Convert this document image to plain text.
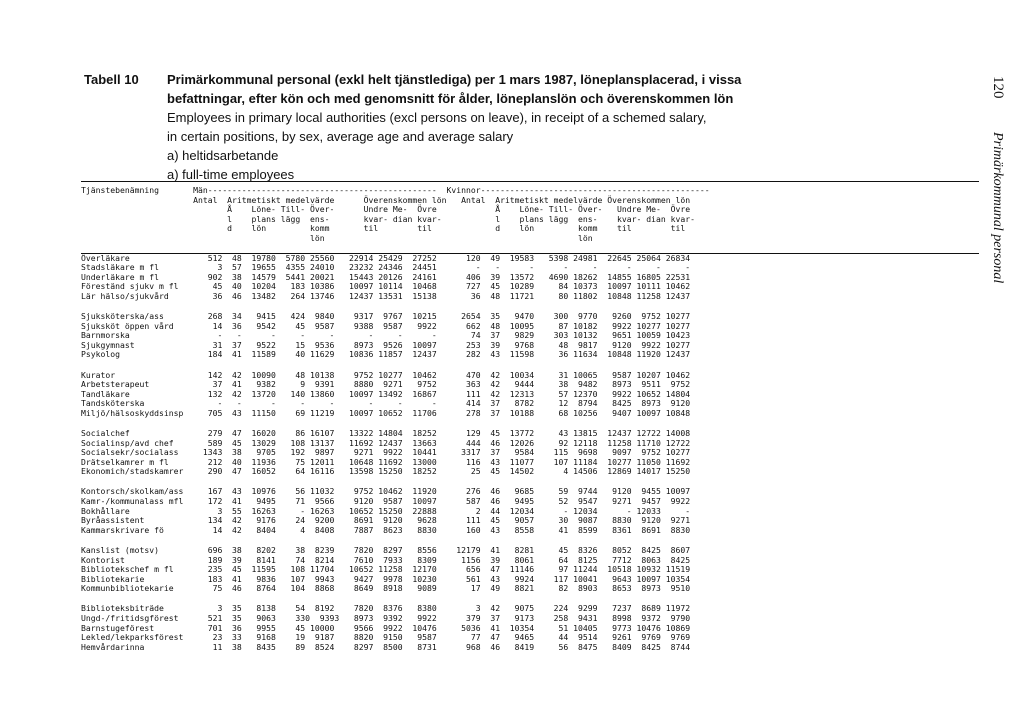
Tabell 10 Primärkommunal personal (exkl helt tjänstlediga) per 1 mars 1987, löneplansplacerad, i vissa
befattningar, efter kön och med genomsnitt för ålder, löneplanslön och överenskommen lön
Employees in primary local authorities (excl persons on leave), in receipt of a schemed salary,
in certain positions, by sex, average age and average salary
a) heltidsarbetande
a) full-time employees
120 Primärkommunal personal
Tjänstebenämning       Män-----------------------------------------------  Kvinnor-----------------------------------------------
Antal  Aritmetiskt medelvärde      Överenskommen lön   Antal  Aritmetiskt medelvärde Överenskommen lön
Å    Löne- Till- Över-      Undre Me-  Övre            Å    Löne- Till- Över-   Undre Me-  Övre
l    plans lägg  ens-       kvar- dian kvar-           l    plans lägg  ens-    kvar- dian kvar-
d    lön         komm       til        til             d    lön         komm    til        til
lön                                                    lön
Överläkare                512  48  19780  5780 25560   22914 25429  27252      120  49  19583   5398 24981  22645 25064 26834
Stadsläkare m fl            3  57  19655  4355 24010   23232 24346  24451        -   -      -      -     -      -     -     -
Underläkare m fl          902  38  14579  5441 20021   15443 20126  24161      406  39  13572   4690 18262  14855 16805 22531
Föreständ sjukv m fl       45  40  10204   183 10386   10097 10114  10468      727  45  10289     84 10373  10097 10111 10462
Lär hälso/sjukvård         36  46  13482   264 13746   12437 13531  15138       36  48  11721     80 11802  10848 11258 12437
Sjuksköterska/ass         268  34   9415   424  9840    9317  9767  10215     2654  35   9470    300  9770   9260  9752 10277
Sjuksköt öppen vård        14  36   9542    45  9587    9388  9587   9922      662  48  10095     87 10182   9922 10277 10277
Barnmorska                  -   -      -     -     -       -     -      -       74  37   9829    303 10132   9651 10059 10423
Sjukgymnast                31  37   9522    15  9536    8973  9526  10097      253  39   9768     48  9817   9120  9922 10277
Psykolog                  184  41  11589    40 11629   10836 11857  12437      282  43  11598     36 11634  10848 11920 12437
Kurator                   142  42  10090    48 10138    9752 10277  10462      470  42  10034     31 10065   9587 10207 10462
Arbetsterapeut             37  41   9382     9  9391    8880  9271   9752      363  42   9444     38  9482   8973  9511  9752
Tandläkare                132  42  13720   140 13860   10097 13492  16867      111  42  12313     57 12370   9922 10652 14804
Tandsköterska               -   -      -     -     -       -     -      -      414  37   8782     12  8794   8425  8973  9120
Miljö/hälsoskyddsinsp     705  43  11150    69 11219   10097 10652  11706      278  37  10188     68 10256   9407 10097 10848
Socialchef                279  47  16020    86 16107   13322 14804  18252      129  45  13772     43 13815  12437 12722 14008
Socialinsp/avd chef       589  45  13029   108 13137   11692 12437  13663      444  46  12026     92 12118  11258 11710 12722
Socialsekr/socialass     1343  38   9705   192  9897    9271  9922  10441     3317  37   9584    115  9698   9097  9752 10277
Drätselkamrer m fl        212  40  11936    75 12011   10648 11692  13000      116  43  11077    107 11184  10277 11050 11692
Ekonomich/stadskamrer     290  47  16052    64 16116   13598 15250  18252       25  45  14502      4 14506  12869 14017 15250
Kontorsch/skolkam/ass     167  43  10976    56 11032    9752 10462  11920      276  46   9685     59  9744   9120  9455 10097
Kamr-/kommunalass mfl     172  41   9495    71  9566    9120  9587  10097      587  46   9495     52  9547   9271  9457  9922
Bokhållare                  3  55  16263     - 16263   10652 15250  22888        2  44  12034      - 12034      - 12033     -
Byråassistent             134  42   9176    24  9200    8691  9120   9628      111  45   9057     30  9087   8830  9120  9271
Kammarskrivare fö          14  42   8404     4  8408    7887  8623   8830      160  43   8558     41  8599   8361  8691  8830
Kanslist (motsv)          696  38   8202    38  8239    7820  8297   8556    12179  41   8281     45  8326   8052  8425  8607
Kontorist                 189  39   8141    74  8214    7610  7933   8309     1156  39   8061     64  8125   7712  8063  8425
Bibliotekschef m fl       235  45  11595   108 11704   10652 11258  12170      656  47  11146     97 11244  10518 10932 11519
Bibliotekarie             183  41   9836   107  9943    9427  9978  10230      561  43   9924    117 10041   9643 10097 10354
Kommunbibliotekarie        75  46   8764   104  8868    8649  8918   9089       17  49   8821     82  8903   8653  8973  9510
Biblioteksbiträde           3  35   8138    54  8192    7820  8376   8380        3  42   9075    224  9299   7237  8689 11972
Ungd-/fritidsgförest      521  35   9063    330  9393   8973  9392   9922      379  37   9173    258  9431   8998  9372  9790
Barnstugeförest           701  36   9955    45 10000    9566  9922  10476     5036  41  10354     51 10405   9773 10476 10869
Lekled/lekparksförest      23  33   9168    19  9187    8820  9150   9587       77  47   9465     44  9514   9261  9769  9769
Hemvårdarinna              11  38   8435    89  8524    8297  8500   8731      968  46   8419     56  8475   8409  8425  8744
